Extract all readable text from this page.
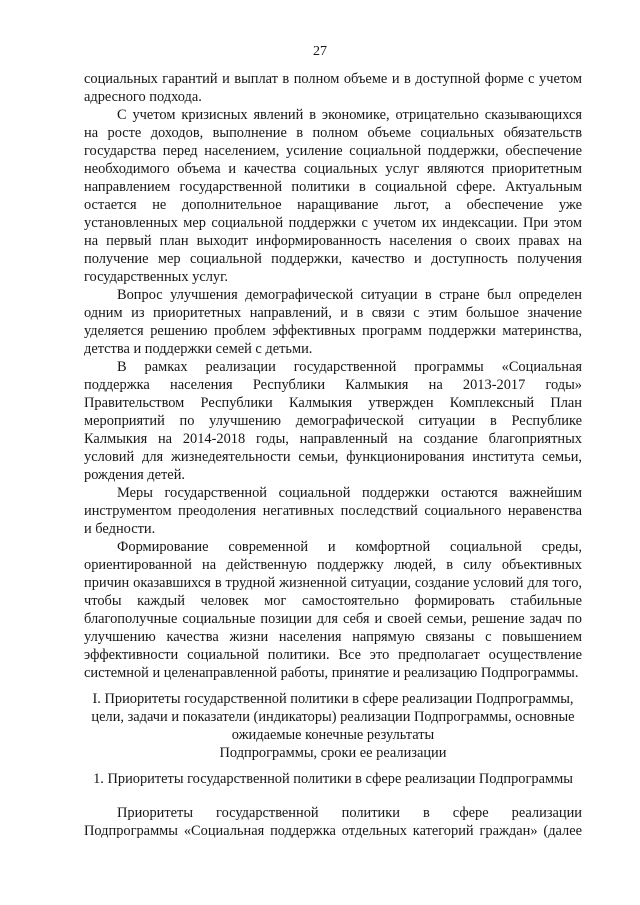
27
социальных гарантий и выплат в полном объеме и в доступной форме с учетом
адресного подхода.
С учетом кризисных явлений в экономике, отрицательно сказывающихся
на росте доходов, выполнение в полном объеме социальных обязательств
государства перед населением, усиление социальной поддержки, обеспечение
необходимого объема и качества социальных услуг являются приоритетным
направлением государственной политики в социальной сфере. Актуальным
остается не дополнительное наращивание льгот, а обеспечение уже
установленных мер социальной поддержки с учетом их индексации. При этом
на первый план выходит информированность населения о своих правах на
получение мер социальной поддержки, качество и доступность получения
государственных услуг.
Вопрос улучшения демографической ситуации в стране был определен
одним из приоритетных направлений, и в связи с этим большое значение
уделяется решению проблем эффективных программ поддержки материнства,
детства и поддержки семей с детьми.
В рамках реализации государственной программы «Социальная
поддержка населения Республики Калмыкия на 2013-2017 годы»
Правительством Республики Калмыкия утвержден Комплексный План
мероприятий по улучшению демографической ситуации в Республике
Калмыкия на 2014-2018 годы, направленный на создание благоприятных
условий для жизнедеятельности семьи, функционирования института семьи,
рождения детей.
Меры государственной социальной поддержки остаются важнейшим
инструментом преодоления негативных последствий социального неравенства
и бедности.
Формирование современной и комфортной социальной среды,
ориентированной на действенную поддержку людей, в силу объективных
причин оказавшихся в трудной жизненной ситуации, создание условий для того,
чтобы каждый человек мог самостоятельно формировать стабильные
благополучные социальные позиции для себя и своей семьи, решение задач по
улучшению качества жизни населения напрямую связаны с повышением
эффективности социальной политики. Все это предполагает осуществление
системной и целенаправленной работы, принятие и реализацию Подпрограммы.
I. Приоритеты государственной политики в сфере реализации Подпрограммы,
цели, задачи и показатели (индикаторы) реализации Подпрограммы, основные
ожидаемые конечные результаты
Подпрограммы, сроки ее реализации
1. Приоритеты государственной политики в сфере реализации Подпрограммы
Приоритеты государственной политики в сфере реализации
Подпрограммы «Социальная поддержка отдельных категорий граждан» (далее
